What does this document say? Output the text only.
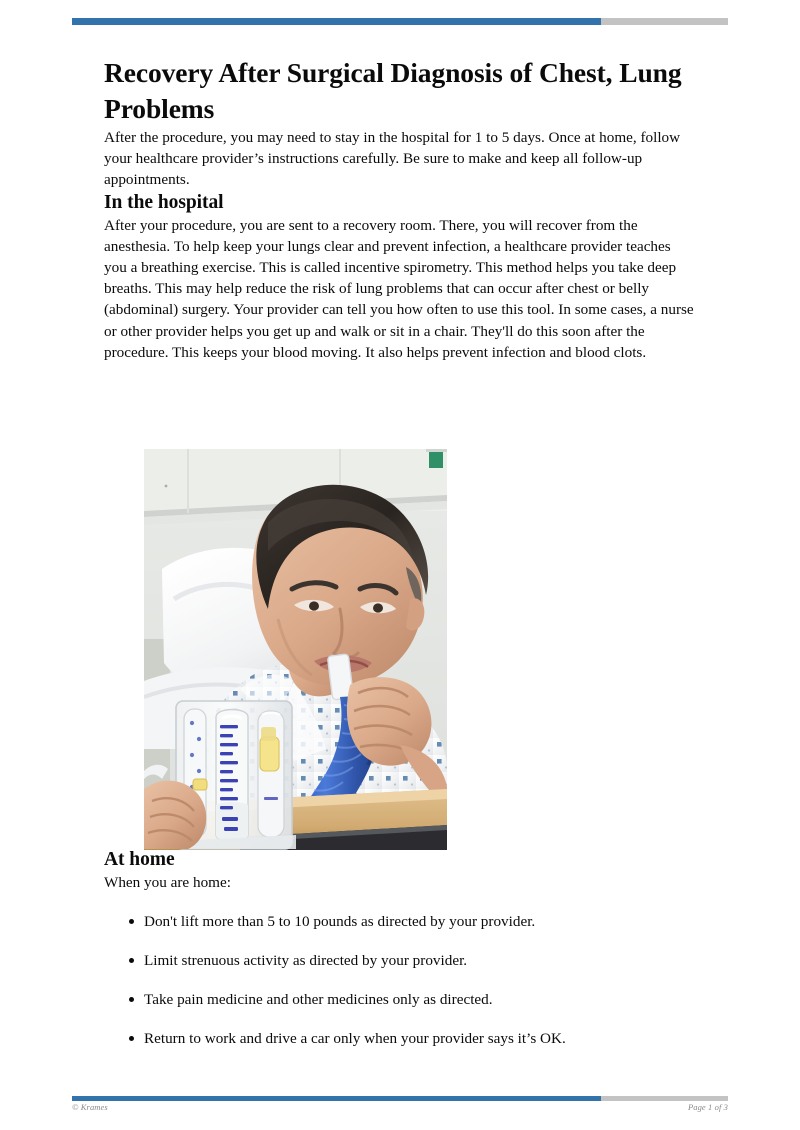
Recovery After Surgical Diagnosis of Chest, Lung Problems

After the procedure, you may need to stay in the hospital for 1 to 5 days. Once at home, follow your healthcare provider’s instructions carefully. Be sure to make and keep all follow-up appointments.

In the hospital

After your procedure, you are sent to a recovery room. There, you will recover from the anesthesia. To help keep your lungs clear and prevent infection, a healthcare provider teaches you a breathing exercise. This is called incentive spirometry. This method helps you take deep breaths. This may help reduce the risk of lung problems that can occur after chest or belly (abdominal) surgery. Your provider can tell you how often to use this tool. In some cases, a nurse or other provider helps you get up and walk or sit in a chair. They'll do this soon after the procedure. This keeps your blood moving. It also helps prevent infection and blood clots.

At home

When you are home:

Don't lift more than 5 to 10 pounds as directed by your provider.
Limit strenuous activity as directed by your provider.
Take pain medicine and other medicines only as directed.
Return to work and drive a car only when your provider says it’s OK.
© Krames	Page 1 of 3
